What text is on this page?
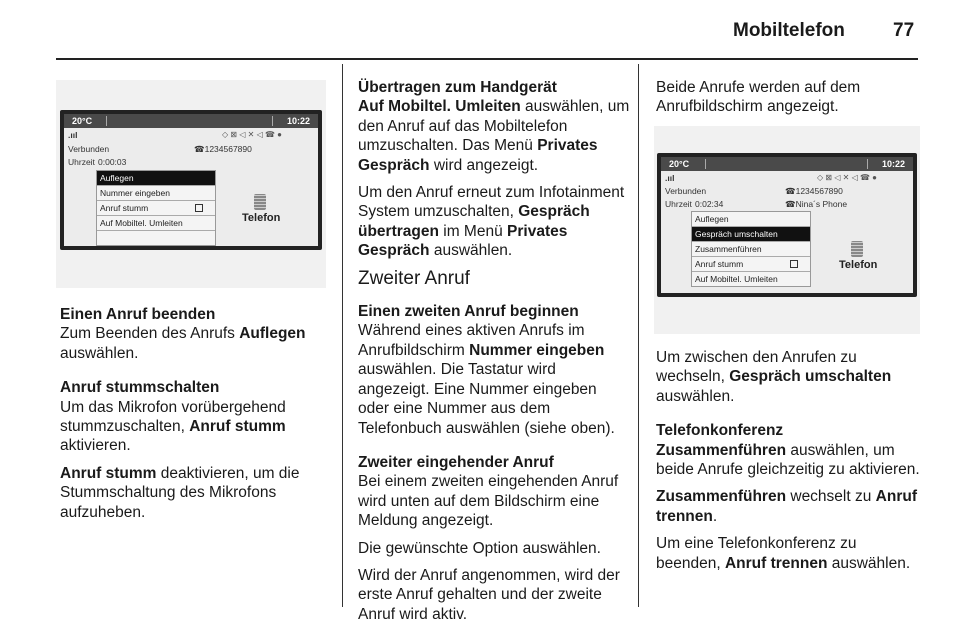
Mobiltelefon	77
20°C	10:22
.ııl	◇ ⊠ ◁ ✕ ◁ ☎ ●
Verbunden	☎1234567890
Uhrzeit 0:00:03
Auflegen
Nummer eingeben
Anruf stumm
Auf Mobiltel. Umleiten	Telefon
Einen Anruf beenden

Zum Beenden des Anrufs Auflegen
auswählen.

Anruf stummschalten

Um das Mikrofon vorübergehend stummzuschalten, Anruf stumm aktivieren.

Anruf stumm deaktivieren, um die Stummschaltung des Mikrofons aufzuheben.

Übertragen zum Handgerät

Auf Mobiltel. Umleiten auswählen, um den Anruf auf das Mobiltelefon umzuschalten. Das Menü Privates Gespräch wird angezeigt.

Um den Anruf erneut zum Infotainment System umzuschalten, Gespräch übertragen im Menü Privates Gespräch auswählen.

Zweiter Anruf
Einen zweiten Anruf beginnen

Während eines aktiven Anrufs im Anrufbildschirm Nummer eingeben auswählen. Die Tastatur wird angezeigt. Eine Nummer eingeben oder eine Nummer aus dem Telefonbuch auswählen (siehe oben).

Zweiter eingehender Anruf

Bei einem zweiten eingehenden Anruf wird unten auf dem Bildschirm eine Meldung angezeigt.

Die gewünschte Option auswählen.

Wird der Anruf angenommen, wird der erste Anruf gehalten und der zweite Anruf wird aktiv.

Beide Anrufe werden auf dem Anrufbildschirm angezeigt.

20°C	10:22
.ııl	◇ ⊠ ◁ ✕ ◁ ☎ ●
Verbunden	☎1234567890
Uhrzeit 0:02:34	☎Nina´s Phone
Auflegen
Gespräch umschalten
Zusammenführen
Anruf stumm
Auf Mobiltel. Umleiten
Telefon

Um zwischen den Anrufen zu wechseln, Gespräch umschalten auswählen.

Telefonkonferenz

Zusammenführen auswählen, um beide Anrufe gleichzeitig zu aktivieren.

Zusammenführen wechselt zu Anruf trennen.

Um eine Telefonkonferenz zu beenden, Anruf trennen auswählen.
